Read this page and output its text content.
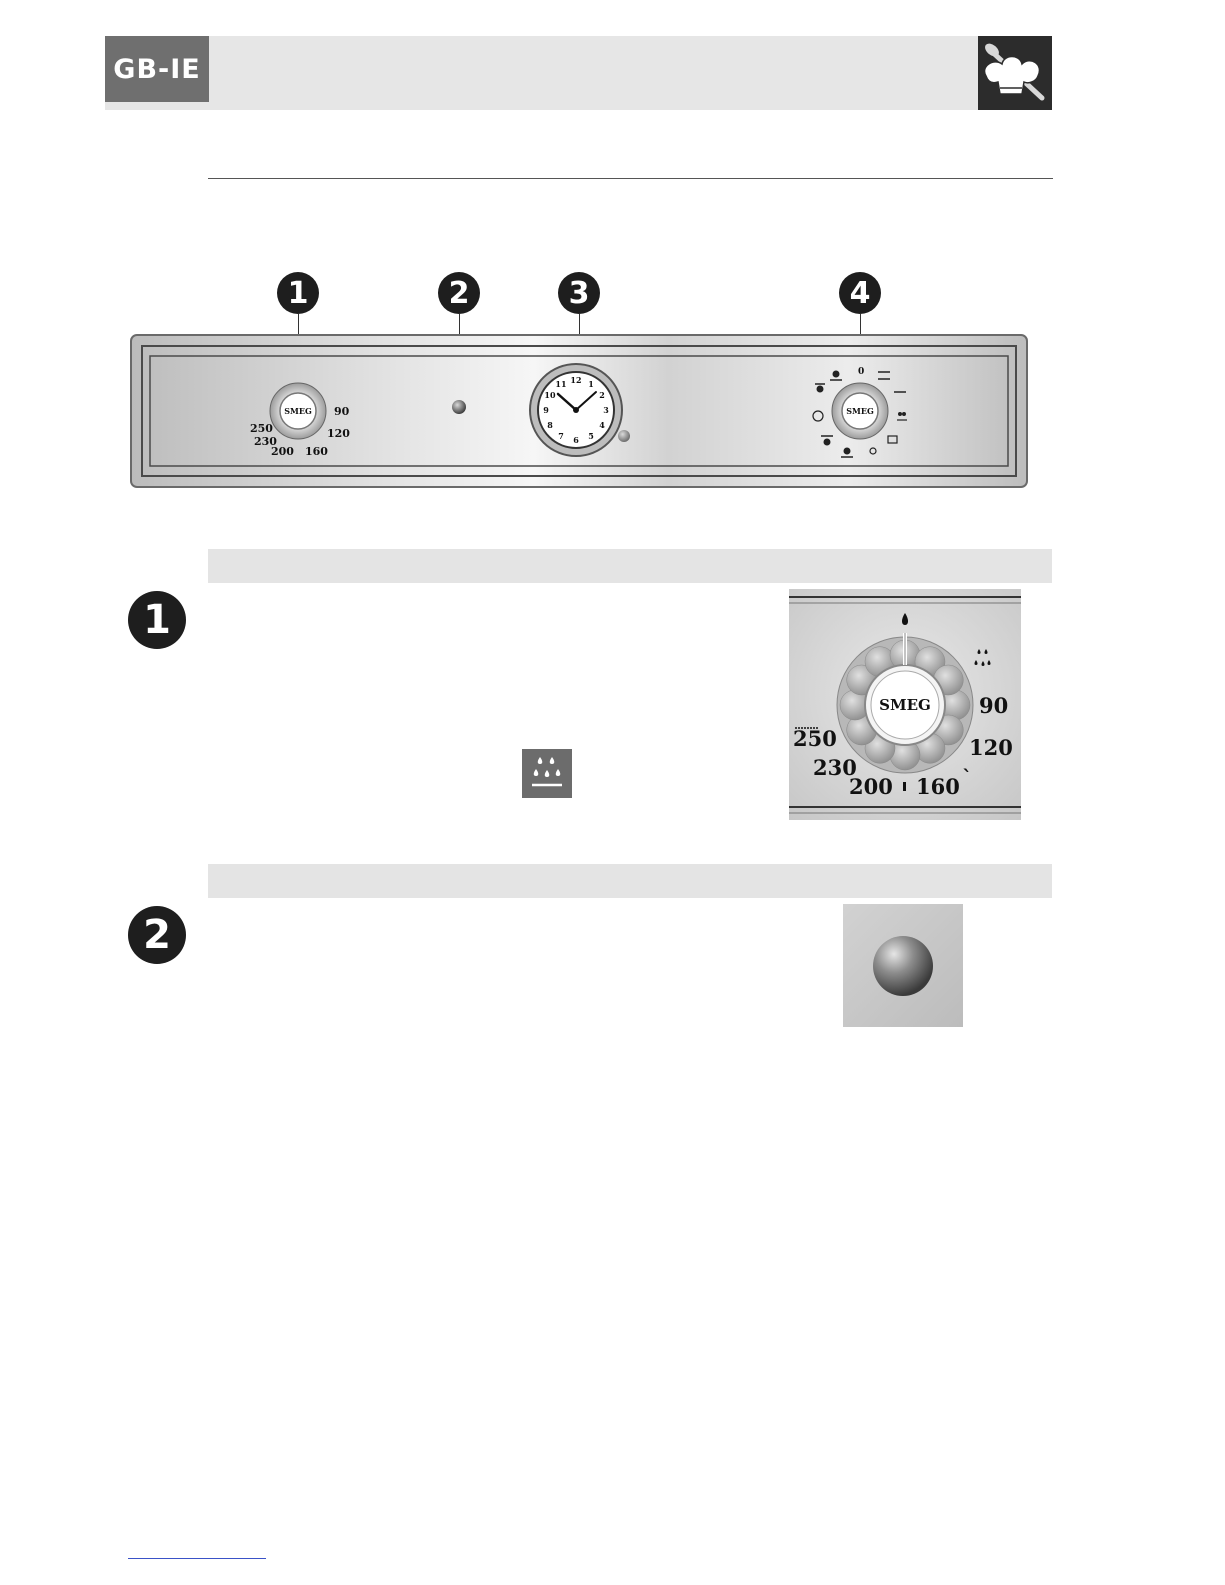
GB-IE
1	2	3	4
SMEG
250
230
200 160
120
90
12 1
2
3
4
5
6
7
8
9
10
11
SMEG
0
1
`
250
230
200 160
120
90
SMEG
2
